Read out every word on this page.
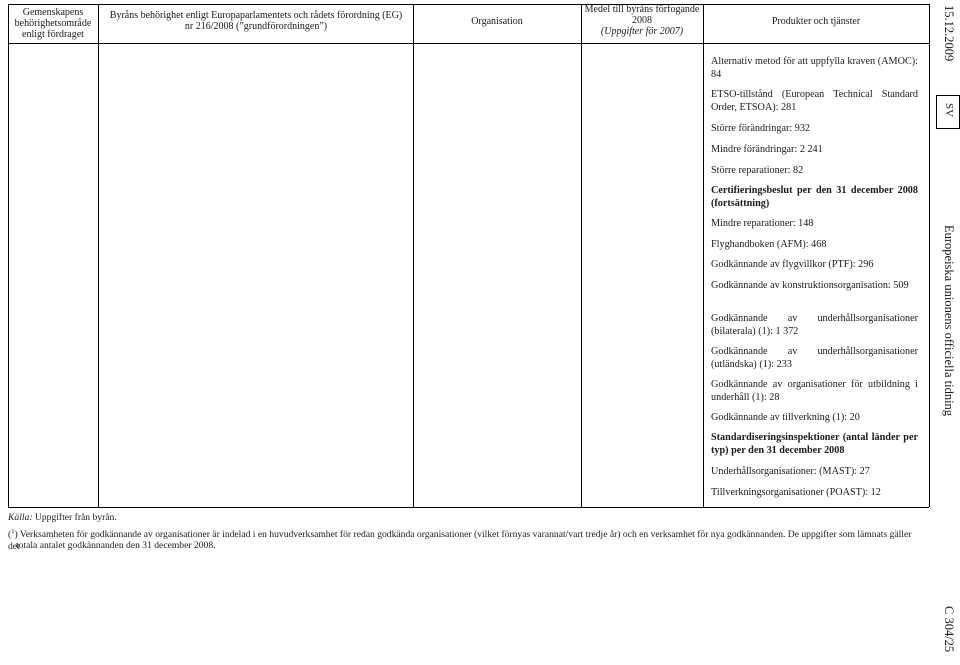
Gemenskapens behörighetsområde enligt fördraget
Byråns behörighet enligt Europaparlamentets och rådets förordning (EG) nr 216/2008 (”grundförordningen”)	Organisation
Medel till byråns förfogande 2008
(Uppgifter för 2007)
Produkter och tjänster
Alternativ metod för att uppfylla kraven (AMOC): 84
ETSO-tillstånd (European Technical Standard Order, ETSOA): 281
Större förändringar: 932
Mindre förändringar: 2 241
Större reparationer: 82
Certifieringsbeslut per den 31 december 2008 (fortsättning)
Mindre reparationer: 148
Flyghandboken (AFM): 468
Godkännande av flygvillkor (PTF): 296
Godkännande av konstruktionsorganisation: 509
Godkännande av underhållsorganisationer (bilaterala) (1): 1 372
Godkännande av underhållsorganisationer (utländska) (1): 233
Godkännande av organisationer för utbildning i underhåll (1): 28
Godkännande av tillverkning (1): 20
Standardiseringsinspektioner (antal länder per typ) per den 31 december 2008
Underhållsorganisationer: (MAST): 27
Tillverkningsorganisationer (POAST): 12
Källa: Uppgifter från byrån.
($^1$) Verksamheten för godkännande av organisationer är indelad i en huvudverksamhet för redan godkända organisationer (vilket förnyas varannat/vart tredje år) och en verksamhet för nya godkännanden. De uppgifter som lämnats gäller det
totala antalet godkännanden den 31 december 2008.
15.12.2009
SV
Europeiska unionens officiella tidning
C 304/25
